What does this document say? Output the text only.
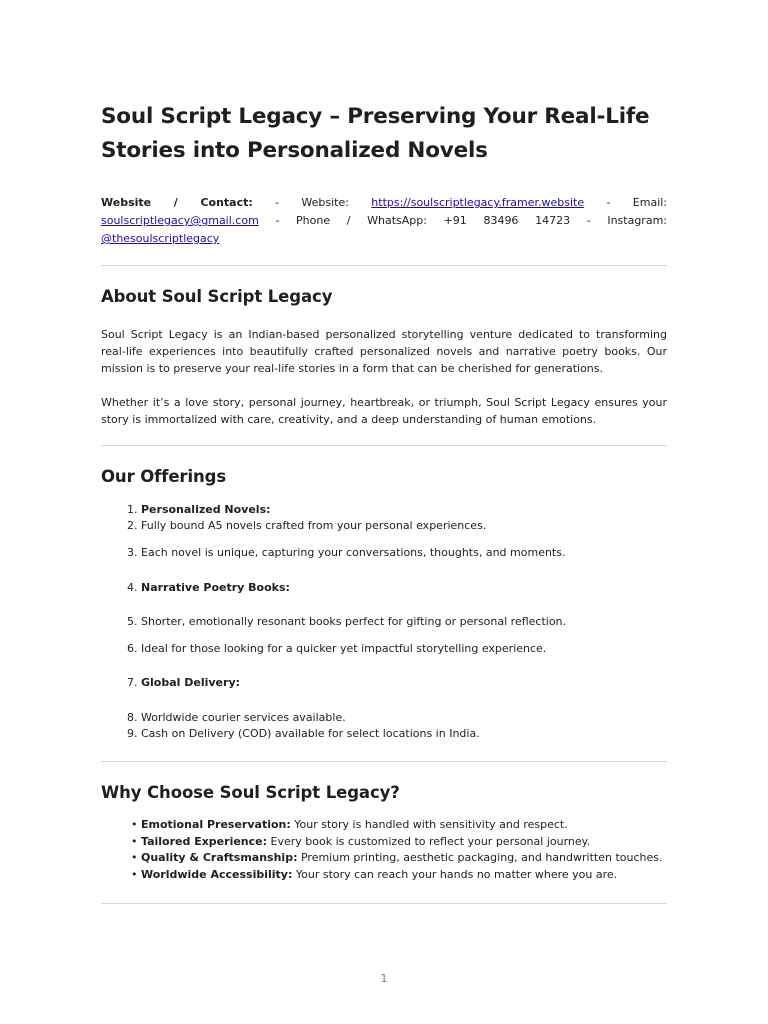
Soul Script Legacy – Preserving Your Real-Life Stories into Personalized Novels

Website / Contact: - Website: https://soulscriptlegacy.framer.website - Email: soulscriptlegacy@gmail.com - Phone / WhatsApp: +91 83496 14723 - Instagram: @thesoulscriptlegacy

About Soul Script Legacy

Soul Script Legacy is an Indian-based personalized storytelling venture dedicated to transforming real-life experiences into beautifully crafted personalized novels and narrative poetry books. Our mission is to preserve your real-life stories in a form that can be cherished for generations.

Whether it’s a love story, personal journey, heartbreak, or triumph, Soul Script Legacy ensures your story is immortalized with care, creativity, and a deep understanding of human emotions.

Our Offerings
1. Personalized Novels:
2. Fully bound A5 novels crafted from your personal experiences.
3. Each novel is unique, capturing your conversations, thoughts, and moments.
4. Narrative Poetry Books:
5. Shorter, emotionally resonant books perfect for gifting or personal reflection.
6. Ideal for those looking for a quicker yet impactful storytelling experience.
7. Global Delivery:
8. Worldwide courier services available.
9. Cash on Delivery (COD) available for select locations in India.
Why Choose Soul Script Legacy?
• Emotional Preservation: Your story is handled with sensitivity and respect.
• Tailored Experience: Every book is customized to reflect your personal journey.
• Quality & Craftsmanship: Premium printing, aesthetic packaging, and handwritten touches.
• Worldwide Accessibility: Your story can reach your hands no matter where you are.
1
